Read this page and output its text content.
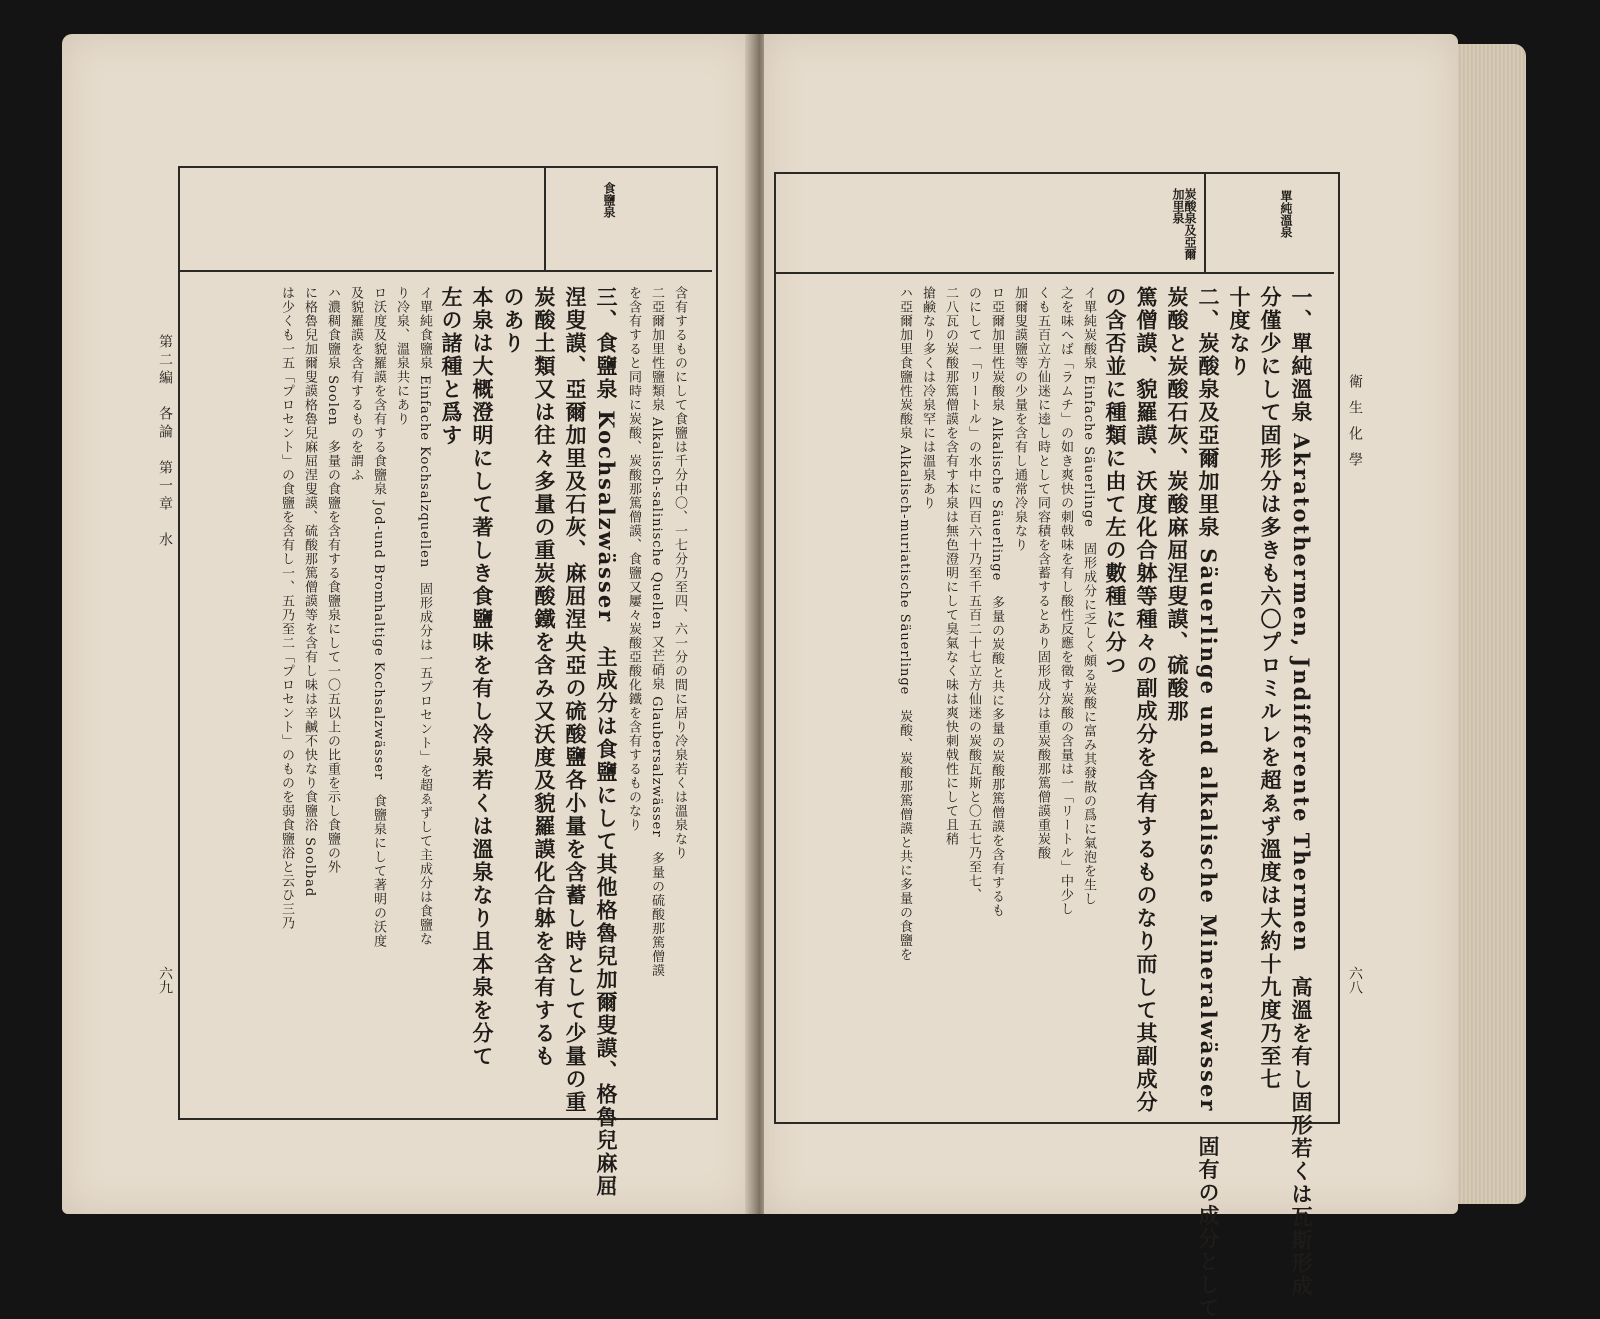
食鹽泉
第二編　各論　第一章　水
六九
含有するものにして食鹽は千分中〇、一七分乃至四、六一分の間に居り冷泉若くは溫泉なり
二亞爾加里性鹽類泉 Alkalisch-salinische Quellen 又芒硝泉 Glaubersalzwässer　多量の硫酸那篤僧謨
を含有すると同時に炭酸、炭酸那篤僧謨、食鹽又屢々炭酸亞酸化鐵を含有するものなり
三、食鹽泉 Kochsalzwässer　主成分は食鹽にして其他格魯兒加爾叟謨、格魯兒麻屈
涅叟謨、亞爾加里及石灰、麻屈涅央亞の硫酸鹽各小量を含蓄し時として少量の重
炭酸土類又は往々多量の重炭酸鐵を含み又沃度及貌羅謨化合躰を含有するも
のあり
本泉は大概澄明にして著しき食鹽味を有し冷泉若くは溫泉なり且本泉を分て
左の諸種と爲す
イ單純食鹽泉 Einfache Kochsalzquellen　固形成分は一五プロセント」を超ゑずして主成分は食鹽な
り冷泉、溫泉共にあり
ロ沃度及貌羅謨を含有する食鹽泉 Jod-und Bromhaltige Kochsalzwässer　食鹽泉にして著明の沃度
及貌羅謨を含有するものを謂ふ
ハ濃稠食鹽泉 Soolen　多量の食鹽を含有する食鹽泉にして一〇五以上の比重を示し食鹽の外
に格魯兒加爾叟謨格魯兒麻屈涅叟謨、硫酸那篤僧謨等を含有し味は辛鹹不快なり食鹽浴 Soolbad
は少くも一五「プロセント」の食鹽を含有し一、五乃至二「プロセント」のものを弱食鹽浴と云ひ三乃
單純溫泉
炭酸泉及亞爾加里泉
衛生化學
六八
一、單純溫泉 Akratothermen, Jndifferente Thermen　高溫を有し固形若くは瓦斯形成
分僅少にして固形分は多きも六〇プロミルレを超ゑず溫度は大約十九度乃至七
十度なり
二、炭酸泉及亞爾加里泉 Säuerlinge und alkalische Mineralwässer　固有の成分として
炭酸と炭酸石灰、炭酸麻屈涅叟謨、硫酸那
篤僧謨、貌羅謨、沃度化合躰等種々の副成分を含有するものなり而して其副成分
の含否並に種類に由て左の數種に分つ
イ單純炭酸泉 Einfache Säuerlinge　固形成分に乏しく頗る炭酸に富み其發散の爲に氣泡を生し
之を味へば「ラムチ」の如き爽快の刺戟味を有し酸性反應を徵す炭酸の含量は一「リートル」中少し
くも五百立方仙迷に逵し時として同容積を含蓄するとあり固形成分は重炭酸那篤僧謨重炭酸
加爾叟謨鹽等の少量を含有し通常冷泉なり
ロ亞爾加里性炭酸泉 Alkalische Säuerlinge　多量の炭酸と共に多量の炭酸那篤僧謨を含有するも
のにして一「リートル」の水中に四百六十乃至千五百二十七立方仙迷の炭酸瓦斯と〇五七乃至七、
二八瓦の炭酸那篤僧謨を含有す本泉は無色澄明にして臭氣なく味は爽快刺戟性にして且稍
搶鹸なり多くは冷泉罕には溫泉あり
ハ亞爾加里食鹽性炭酸泉 Alkalisch-muriatische Säuerlinge　炭酸、炭酸那篤僧謨と共に多量の食鹽を
